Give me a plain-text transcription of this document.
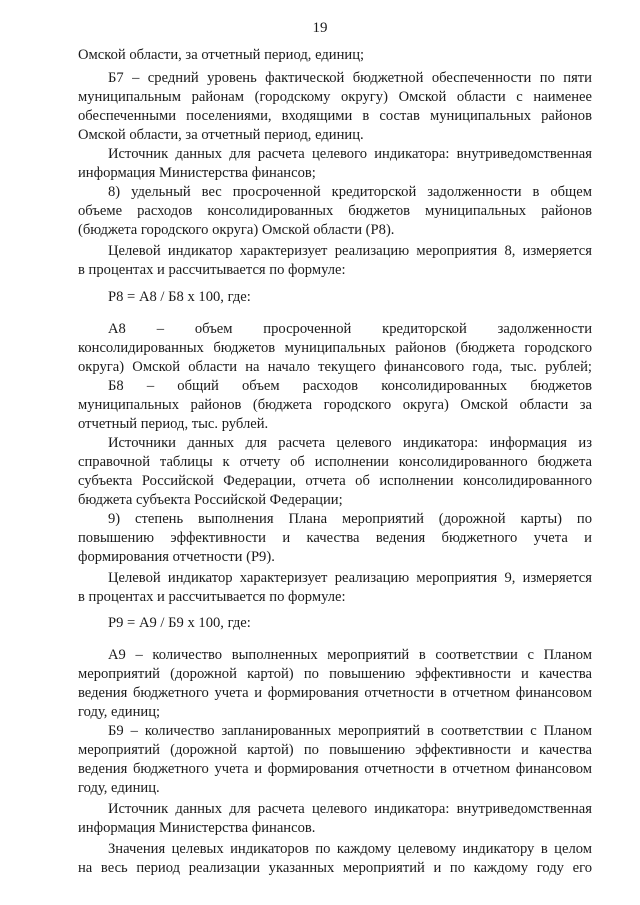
19
Омской области, за отчетный период, единиц;
Б7 – средний уровень фактической бюджетной обеспеченности по пяти
муниципальным районам (городскому округу) Омской области с наименее
обеспеченными поселениями, входящими в состав муниципальных районов
Омской области, за отчетный период, единиц.
Источник данных для расчета целевого индикатора: внутриведомственная
информация Министерства финансов;
8) удельный вес просроченной кредиторской задолженности в общем
объеме расходов консолидированных бюджетов муниципальных районов
(бюджета городского округа) Омской области (Р8).
Целевой индикатор характеризует реализацию мероприятия 8, измеряется
в процентах и рассчитывается по формуле:
Р8 = А8 / Б8 х 100, где:
А8 – объем просроченной кредиторской задолженности
консолидированных бюджетов муниципальных районов (бюджета городского
округа) Омской области на начало текущего финансового года, тыс. рублей;
Б8 – общий объем расходов консолидированных бюджетов
муниципальных районов (бюджета городского округа) Омской области за
отчетный период, тыс. рублей.
Источники данных для расчета целевого индикатора: информация из
справочной таблицы к отчету об исполнении консолидированного бюджета
субъекта Российской Федерации, отчета об исполнении консолидированного
бюджета субъекта Российской Федерации;
9) степень выполнения Плана мероприятий (дорожной карты) по
повышению эффективности и качества ведения бюджетного учета и
формирования отчетности (Р9).
Целевой индикатор характеризует реализацию мероприятия 9, измеряется
в процентах и рассчитывается по формуле:
Р9 = А9 / Б9 х 100, где:
А9 – количество выполненных мероприятий в соответствии с Планом
мероприятий (дорожной картой) по повышению эффективности и качества
ведения бюджетного учета и формирования отчетности в отчетном финансовом
году, единиц;
Б9 – количество запланированных мероприятий в соответствии с Планом
мероприятий (дорожной картой) по повышению эффективности и качества
ведения бюджетного учета и формирования отчетности в отчетном финансовом
году, единиц.
Источник данных для расчета целевого индикатора: внутриведомственная
информация Министерства финансов.
Значения целевых индикаторов по каждому целевому индикатору в целом
на весь период реализации указанных мероприятий и по каждому году его
